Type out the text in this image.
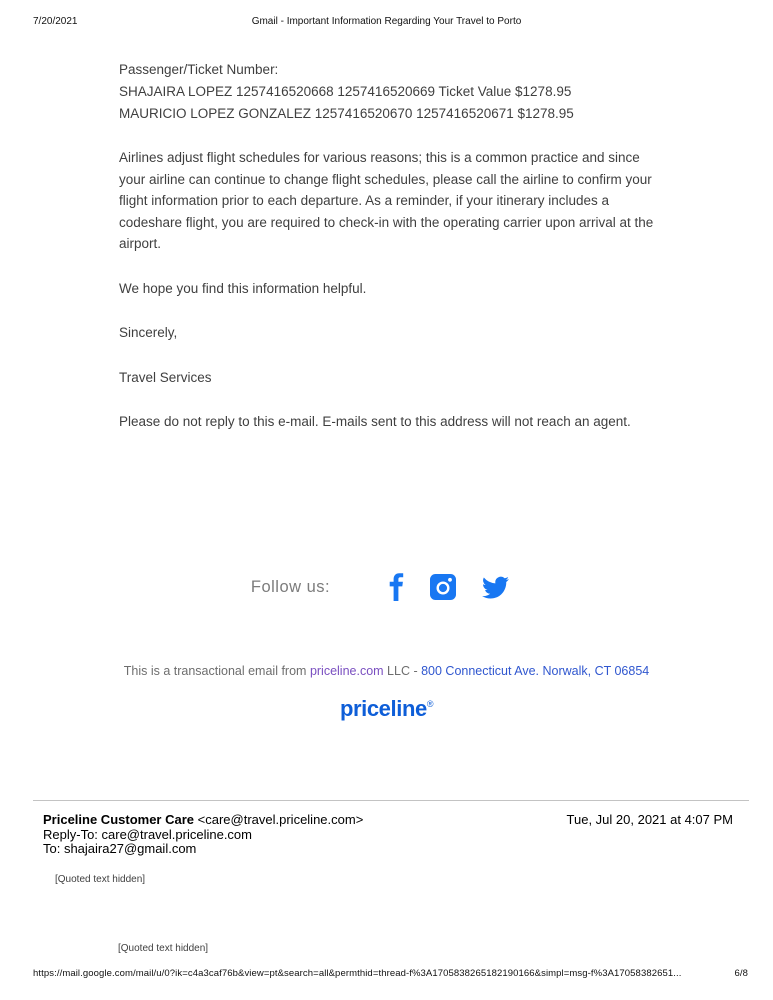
7/20/2021	Gmail - Important Information Regarding Your Travel to Porto
Passenger/Ticket Number:
SHAJAIRA LOPEZ 1257416520668 1257416520669 Ticket Value $1278.95
MAURICIO LOPEZ GONZALEZ 1257416520670 1257416520671 $1278.95

Airlines adjust flight schedules for various reasons; this is a common practice and since your airline can continue to change flight schedules, please call the airline to confirm your flight information prior to each departure. As a reminder, if your itinerary includes a codeshare flight, you are required to check-in with the operating carrier upon arrival at the airport.

We hope you find this information helpful.

Sincerely,

Travel Services

Please do not reply to this e-mail. E-mails sent to this address will not reach an agent.

Follow us:
This is a transactional email from priceline.com LLC - 800 Connecticut Ave. Norwalk, CT 06854
priceline®
Priceline Customer Care <care@travel.priceline.com>
Reply-To: care@travel.priceline.com
To: shajaira27@gmail.com
Tue, Jul 20, 2021 at 4:07 PM
[Quoted text hidden]
[Quoted text hidden]
https://mail.google.com/mail/u/0?ik=c4a3caf76b&view=pt&search=all&permthid=thread-f%3A1705838265182190166&simpl=msg-f%3A17058382651...	6/8
